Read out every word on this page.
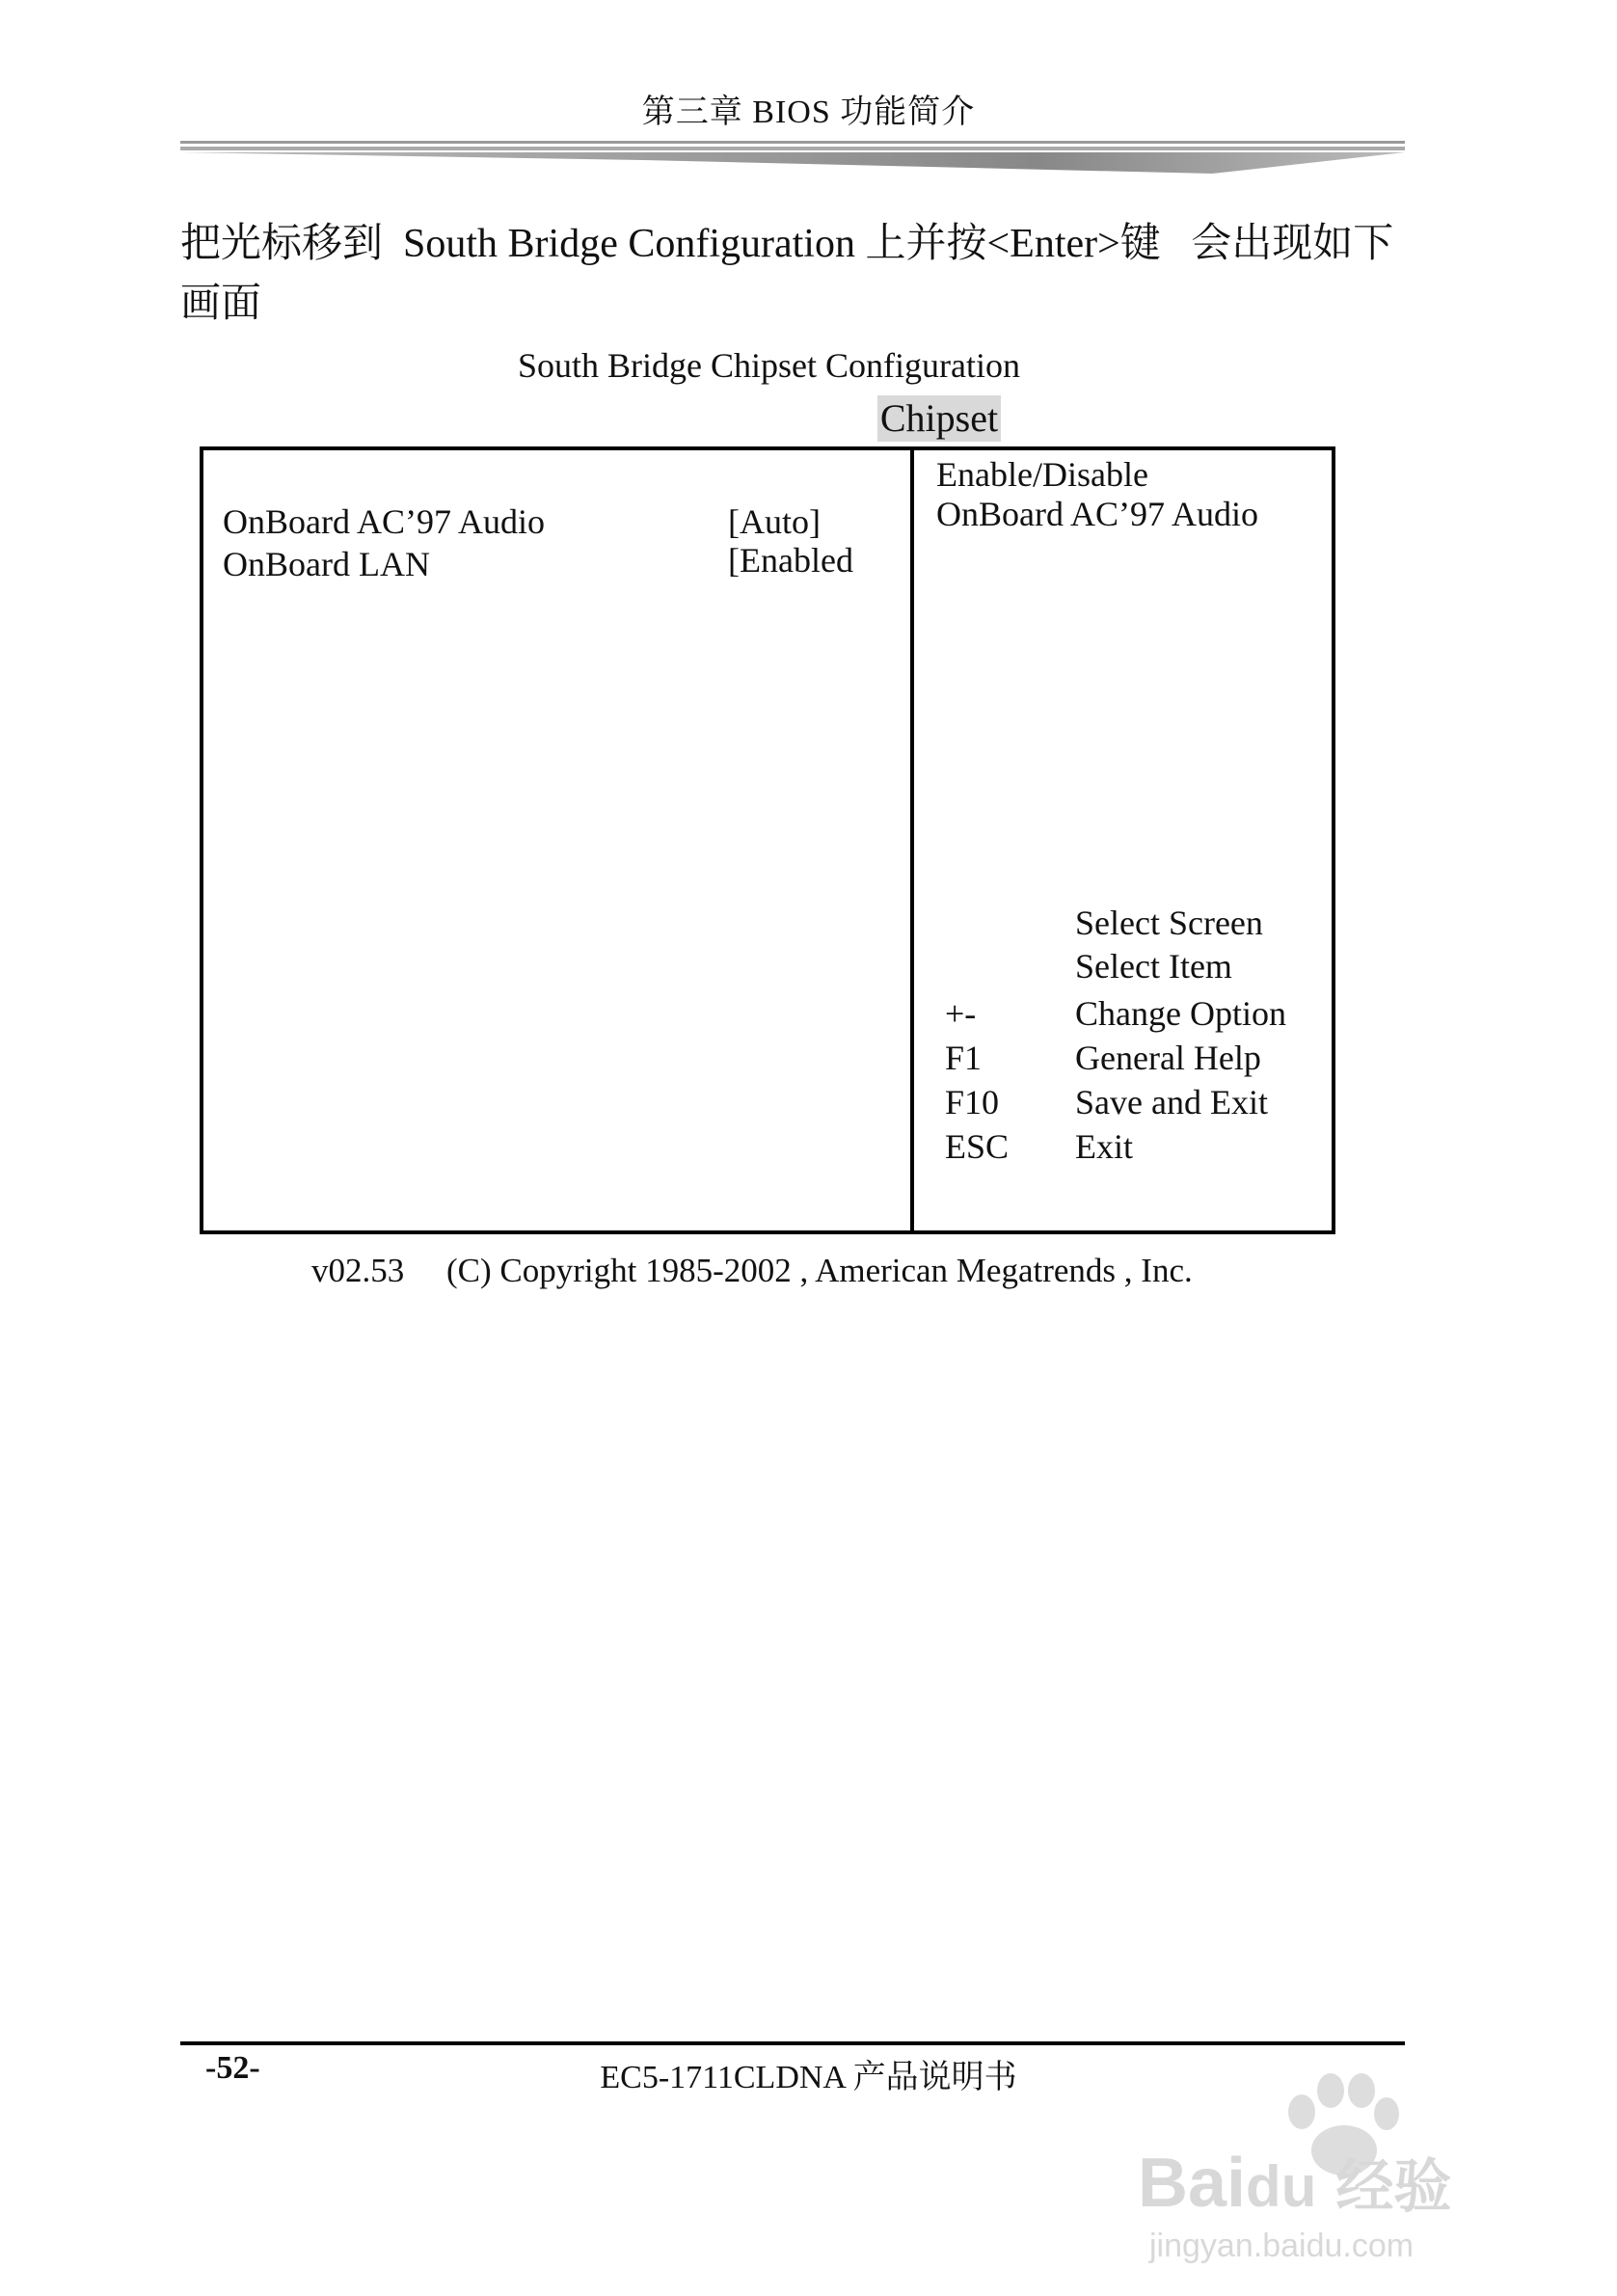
第三章 BIOS 功能简介
把光标移到  South Bridge Configuration 上并按<Enter>键   会出现如下
画面
South Bridge Chipset Configuration
Chipset
OnBoard AC’97 Audio	[Auto]
OnBoard LAN	[Enabled
Enable/Disable
OnBoard AC’97 Audio
Select Screen
Select Item
+-	Change Option
F1	General Help
F10 Save and Exit
ESC Exit
v02.53     (C) Copyright 1985-2002 , American Megatrends , Inc.
-52-	EC5-1711CLDNA 产品说明书
Baidu 经验
jingyan.baidu.com
